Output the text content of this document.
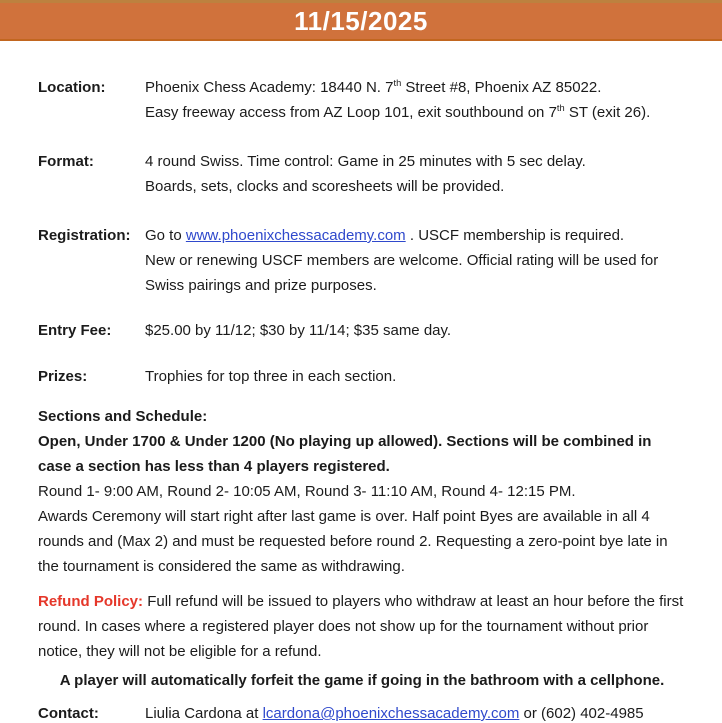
11/15/2025
Location:	Phoenix Chess Academy: 18440 N. 7th Street #8, Phoenix AZ 85022.
Easy freeway access from AZ Loop 101, exit southbound on 7th ST (exit 26).
Format:	4 round Swiss. Time control: Game in 25 minutes with 5 sec delay.
Boards, sets, clocks and scoresheets will be provided.
Registration: Go to www.phoenixchessacademy.com . USCF membership is required.
New or renewing USCF members are welcome. Official rating will be used for
Swiss pairings and prize purposes.
Entry Fee:	$25.00 by 11/12; $30 by 11/14; $35 same day.
Prizes:	Trophies for top three in each section.

Sections and Schedule:

Open, Under 1700 & Under 1200 (No playing up allowed). Sections will be combined in case a section has less than 4 players registered.

Round 1- 9:00 AM, Round 2- 10:05 AM, Round 3- 11:10 AM, Round 4- 12:15 PM.

Awards Ceremony will start right after last game is over. Half point Byes are available in all 4 rounds and (Max 2) and must be requested before round 2. Requesting a zero-point bye late in the tournament is considered the same as withdrawing.

Refund Policy: Full refund will be issued to players who withdraw at least an hour before the first round. In cases where a registered player does not show up for the tournament without prior notice, they will not be eligible for a refund.

A player will automatically forfeit the game if going in the bathroom with a cellphone.

Contact:	Liulia Cardona at lcardona@phoenixchessacademy.com or (602) 402-4985
